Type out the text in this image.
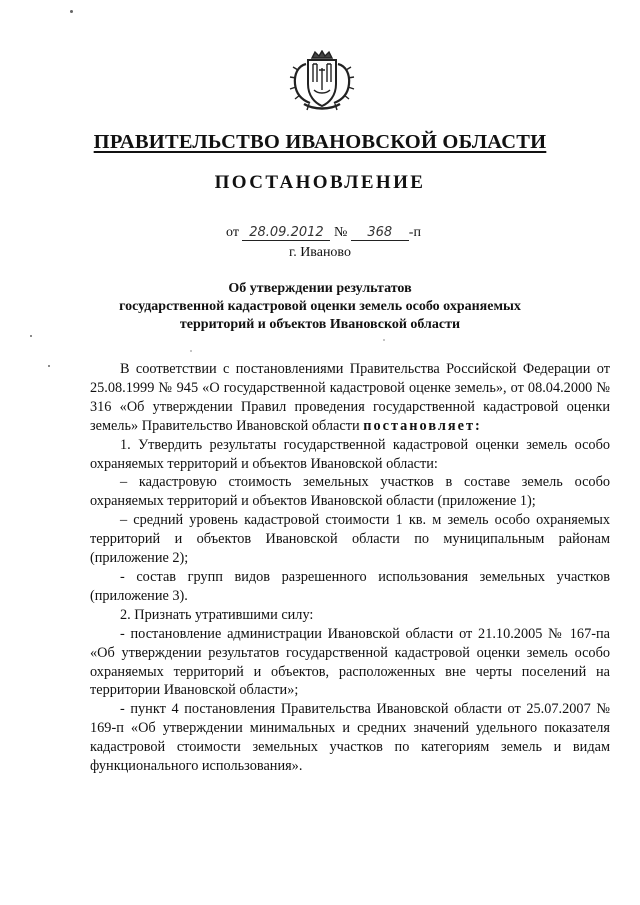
ПРАВИТЕЛЬСТВО ИВАНОВСКОЙ ОБЛАСТИ
ПОСТАНОВЛЕНИЕ
от 28.09.2012 № 368 -п
г. Иваново
Об утверждении результатов
государственной кадастровой оценки земель особо охраняемых
территорий и объектов Ивановской области

В соответствии с постановлениями Правительства Российской Федерации от 25.08.1999 № 945 «О государственной кадастровой оценке земель», от 08.04.2000 № 316 «Об утверждении Правил проведения государственной кадастровой оценки земель» Правительство Ивановской области постановляет:

1. Утвердить результаты государственной кадастровой оценки земель особо охраняемых территорий и объектов Ивановской области:

– кадастровую стоимость земельных участков в составе земель особо охраняемых территорий и объектов Ивановской области (приложение 1);

– средний уровень кадастровой стоимости 1 кв. м земель особо охраняемых территорий и объектов Ивановской области по муниципальным районам (приложение 2);

- состав групп видов разрешенного использования земельных участков (приложение 3).

2. Признать утратившими силу:

- постановление администрации Ивановской области от 21.10.2005 № 167-па «Об утверждении результатов государственной кадастровой оценки земель особо охраняемых территорий и объектов, расположенных вне черты поселений на территории Ивановской области»;

- пункт 4 постановления Правительства Ивановской области от 25.07.2007 № 169-п «Об утверждении минимальных и средних значений удельного показателя кадастровой стоимости земельных участков по категориям земель и видам функционального использования».
